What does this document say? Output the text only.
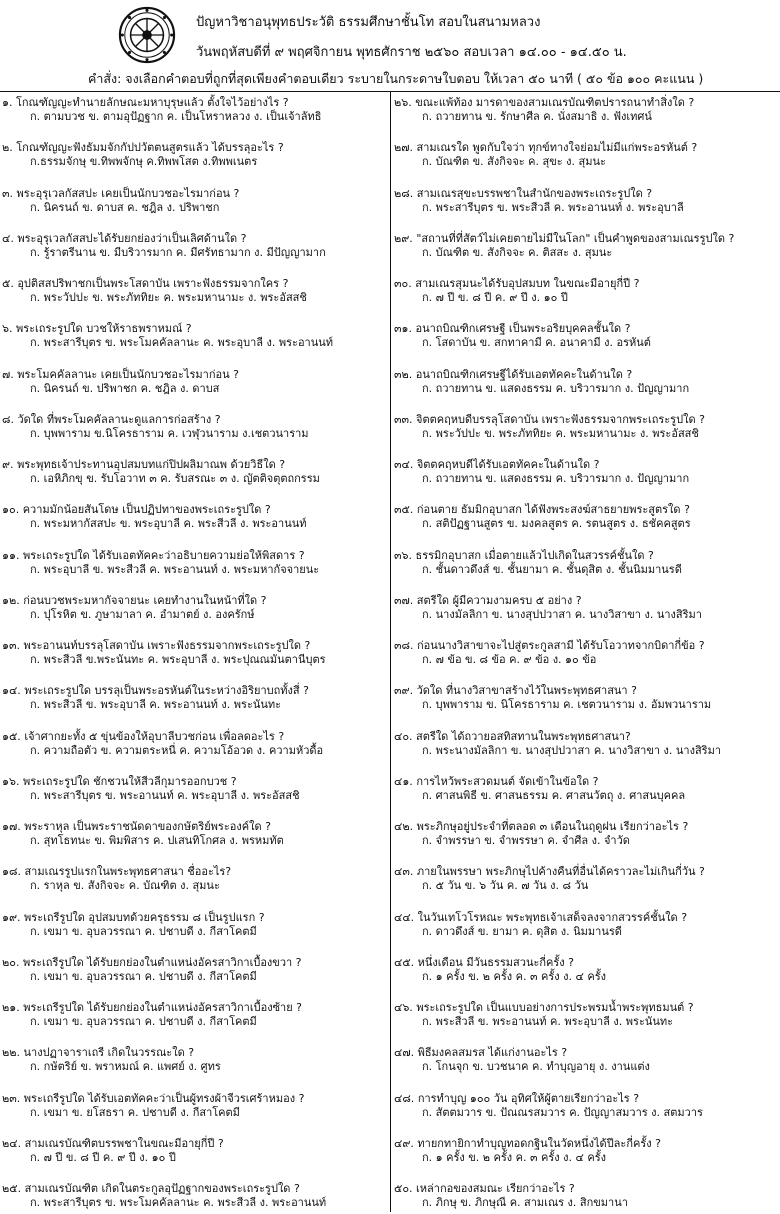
ปัญหาวิชาอนุพุทธประวัติ ธรรมศึกษาชั้นโท สอบในสนามหลวง
วันพฤหัสบดีที่ ๙ พฤศจิกายน พุทธศักราช ๒๕๖๐ สอบเวลา ๑๔.๐๐ - ๑๔.๕๐ น.
คำสั่ง: จงเลือกคำตอบที่ถูกที่สุดเพียงคำตอบเดียว ระบายในกระดาษใบตอบ ให้เวลา ๕๐ นาที ( ๕๐ ข้อ ๑๐๐ คะแนน )
๑. โกณฑัญญะทำนายลักษณะมหาบุรุษแล้ว ตั้งใจไว้อย่างไร ?
ก. ตามบวช ข. ตามอุปัฏฐาก ค. เป็นโหราหลวง ง. เป็นเจ้าลัทธิ
๒. โกณฑัญญะฟังธัมมจักกัปปวัตตนสูตรแล้ว ได้บรรลุอะไร ?
ก.ธรรมจักษุ ข.ทิพพจักษุ ค.ทิพพโสต ง.ทิพพเนตร
๓. พระอุรุเวลกัสสปะ เคยเป็นนักบวชอะไรมาก่อน ?
ก. นิครนถ์ ข. ดาบส ค. ชฎิล ง. ปริพาชก
๔. พระอุรุเวลกัสสปะได้รับยกย่องว่าเป็นเลิศด้านใด ?
ก. รู้ราตรีนาน ข. มีบริวารมาก ค. มีศรัทธามาก ง. มีปัญญามาก
๕. อุปติสสปริพาชกเป็นพระโสดาบัน เพราะฟังธรรมจากใคร ?
ก. พระวัปปะ ข. พระภัททิยะ ค. พระมหานามะ ง. พระอัสสชิ
๖. พระเถระรูปใด บวชให้ราธพราหมณ์ ?
ก. พระสารีบุตร ข. พระโมคคัลลานะ ค. พระอุบาลี ง. พระอานนท์
๗. พระโมคคัลลานะ เคยเป็นนักบวชอะไรมาก่อน ?
ก. นิครนถ์ ข. ปริพาชก ค. ชฎิล ง. ดาบส
๘. วัดใด ที่พระโมคคัลลานะดูแลการก่อสร้าง ?
ก. บุพพาราม ข.นิโครธาราม ค. เวฬุวนาราม ง.เชตวนาราม
๙. พระพุทธเจ้าประทานอุปสมบทแก่ปิปผลิมาณพ ด้วยวิธีใด ?
ก. เอหิภิกขุ ข. รับโอวาท ๓ ค. รับสรณะ ๓ ง. ญัตติจตุตถกรรม
๑๐. ความมักน้อยสันโดษ เป็นปฏิปทาของพระเถระรูปใด ?
ก. พระมหากัสสปะ ข. พระอุบาลี ค. พระสีวลี ง. พระอานนท์
๑๑. พระเถระรูปใด ได้รับเอตทัคคะว่าอธิบายความย่อให้พิสดาร ?
ก. พระอุบาลี ข. พระสีวลี ค. พระอานนท์ ง. พระมหากัจจายนะ
๑๒. ก่อนบวชพระมหากัจจายนะ เคยทำงานในหน้าที่ใด ?
ก. ปุโรหิต ข. ภูษามาลา ค. อำมาตย์ ง. องครักษ์
๑๓. พระอานนท์บรรลุโสดาบัน เพราะฟังธรรมจากพระเถระรูปใด ?
ก. พระสีวลี ข.พระนันทะ ค. พระอุบาลี ง. พระปุณณมันตานีบุตร
๑๔. พระเถระรูปใด บรรลุเป็นพระอรหันต์ในระหว่างอิริยาบถทั้งสี่ ?
ก. พระสีวลี ข. พระอุบาลี ค. พระอานนท์ ง. พระนันทะ
๑๕. เจ้าศากยะทั้ง ๕ ขุ่นข้องให้อุบาลีบวชก่อน เพื่อลดอะไร ?
ก. ความถือตัว ข. ความตระหนี่ ค. ความโอ้อวด ง. ความหัวดื้อ
๑๖. พระเถระรูปใด ชักชวนให้สีวลีกุมารออกบวช ?
ก. พระสารีบุตร ข. พระอานนท์ ค. พระอุบาลี ง. พระอัสสชิ
๑๗. พระราหุล เป็นพระราชนัดดาของกษัตริย์พระองค์ใด ?
ก. สุทโธทนะ ข. พิมพิสาร ค. ปเสนทิโกศล ง. พรหมทัต
๑๘. สามเณรรูปแรกในพระพุทธศาสนา ชื่ออะไร?
ก. ราหุล ข. สังกิจจะ ค. บัณฑิต ง. สุมนะ
๑๙. พระเถรีรูปใด อุปสมบทด้วยครุธรรม ๘ เป็นรูปแรก ?
ก. เขมา ข. อุบลวรรณา ค. ปชาบดี ง. กีสาโคตมี
๒๐. พระเถรีรูปใด ได้รับยกย่องในตำแหน่งอัครสาวิกาเบื้องขวา ?
ก. เขมา ข. อุบลวรรณา ค. ปชาบดี ง. กีสาโคตมี
๒๑. พระเถรีรูปใด ได้รับยกย่องในตำแหน่งอัครสาวิกาเบื้องซ้าย ?
ก. เขมา ข. อุบลวรรณา ค. ปชาบดี ง. กีสาโคตมี
๒๒. นางปฏาจาราเถรี เกิดในวรรณะใด ?
ก. กษัตริย์ ข. พราหมณ์ ค. แพศย์ ง. ศูทร
๒๓. พระเถรีรูปใด ได้รับเอตทัคคะว่าเป็นผู้ทรงผ้าจีวรเศร้าหมอง ?
ก. เขมา ข. ยโสธรา ค. ปชาบดี ง. กีสาโคตมี
๒๔. สามเณรบัณฑิตบรรพชาในขณะมีอายุกี่ปี ?
ก. ๗ ปี ข. ๘ ปี ค. ๙ ปี ง. ๑๐ ปี
๒๕. สามเณรบัณฑิต เกิดในตระกูลอุปัฏฐากของพระเถระรูปใด ?
ก. พระสารีบุตร ข. พระโมคคัลลานะ ค. พระสีวลี ง. พระอานนท์
๒๖. ขณะแพ้ท้อง มารดาของสามเณรบัณฑิตปรารถนาทำสิ่งใด ?
ก. ถวายทาน ข. รักษาศีล ค. นั่งสมาธิ ง. ฟังเทศน์
๒๗. สามเณรใด พูดกับใจว่า ทุกข์ทางใจย่อมไม่มีแก่พระอรหันต์ ?
ก. บัณฑิต ข. สังกิจจะ ค. สุขะ ง. สุมนะ
๒๘. สามเณรสุขะบรรพชาในสำนักของพระเถระรูปใด ?
ก. พระสารีบุตร ข. พระสีวลี ค. พระอานนท์ ง. พระอุบาลี
๒๙. "สถานที่ที่สัตว์ไม่เคยตายไม่มีในโลก" เป็นคำพูดของสามเณรรูปใด ?
ก. บัณฑิต ข. สังกิจจะ ค. ติสสะ ง. สุมนะ
๓๐. สามเณรสุมนะได้รับอุปสมบท ในขณะมีอายุกี่ปี ?
ก. ๗ ปี ข. ๘ ปี ค. ๙ ปี ง. ๑๐ ปี
๓๑. อนาถบิณฑิกเศรษฐี เป็นพระอริยบุคคลชั้นใด ?
ก. โสดาบัน ข. สกทาคามี ค. อนาคามี ง. อรหันต์
๓๒. อนาถบิณฑิกเศรษฐีได้รับเอตทัคคะในด้านใด ?
ก. ถวายทาน ข. แสดงธรรม ค. บริวารมาก ง. ปัญญามาก
๓๓. จิตตคฤหบดีบรรลุโสดาบัน เพราะฟังธรรมจากพระเถระรูปใด ?
ก. พระวัปปะ ข. พระภัททิยะ ค. พระมหานามะ ง. พระอัสสชิ
๓๔. จิตตคฤหบดีได้รับเอตทัคคะในด้านใด ?
ก. ถวายทาน ข. แสดงธรรม ค. บริวารมาก ง. ปัญญามาก
๓๕. ก่อนตาย ธัมมิกอุบาสก ได้ฟังพระสงฆ์สาธยายพระสูตรใด ?
ก. สติปัฏฐานสูตร ข. มงคลสูตร ค. รตนสูตร ง. ธชัคคสูตร
๓๖. ธรรมิกอุบาสก เมื่อตายแล้วไปเกิดในสวรรค์ชั้นใด ?
ก. ชั้นดาวดึงส์ ข. ชั้นยามา ค. ชั้นดุสิต ง. ชั้นนิมมานรดี
๓๗. สตรีใด ผู้มีความงามครบ ๕ อย่าง ?
ก. นางมัลลิกา ข. นางสุปปวาสา ค. นางวิสาขา ง. นางสิริมา
๓๘. ก่อนนางวิสาขาจะไปสู่ตระกูลสามี ได้รับโอวาทจากบิดากี่ข้อ ?
ก. ๗ ข้อ ข. ๘ ข้อ ค. ๙ ข้อ ง. ๑๐ ข้อ
๓๙. วัดใด ที่นางวิสาขาสร้างไว้ในพระพุทธศาสนา ?
ก. บุพพาราม ข. นิโครธาราม ค. เชตวนาราม ง. อัมพวนาราม
๔๐. สตรีใด ได้ถวายอสทิสทานในพระพุทธศาสนา?
ก. พระนางมัลลิกา ข. นางสุปปวาสา ค. นางวิสาขา ง. นางสิริมา
๔๑. การไหว้พระสวดมนต์ จัดเข้าในข้อใด ?
ก. ศาสนพิธี ข. ศาสนธรรม ค. ศาสนวัตถุ ง. ศาสนบุคคล
๔๒. พระภิกษุอยู่ประจำที่ตลอด ๓ เดือนในฤดูฝน เรียกว่าอะไร ?
ก. จำพรรษา ข. จำพรรษา ค. จำศีล ง. จำวัด
๔๓. ภายในพรรษา พระภิกษุไปค้างคืนที่อื่นได้คราวละไม่เกินกี่วัน ?
ก. ๕ วัน ข. ๖ วัน ค. ๗ วัน ง. ๘ วัน
๔๔. ในวันเทโวโรหณะ พระพุทธเจ้าเสด็จลงจากสวรรค์ชั้นใด ?
ก. ดาวดึงส์ ข. ยามา ค. ดุสิต ง. นิมมานรดี
๔๕. หนึ่งเดือน มีวันธรรมสวนะกี่ครั้ง ?
ก. ๑ ครั้ง ข. ๒ ครั้ง ค. ๓ ครั้ง ง. ๔ ครั้ง
๔๖. พระเถระรูปใด เป็นแบบอย่างการประพรมน้ำพระพุทธมนต์ ?
ก. พระสีวลี ข. พระอานนท์ ค. พระอุบาลี ง. พระนันทะ
๔๗. พิธีมงคลสมรส ได้แก่งานอะไร ?
ก. โกนจุก ข. บวชนาค ค. ทำบุญอายุ ง. งานแต่ง
๔๘. การทำบุญ ๑๐๐ วัน อุทิศให้ผู้ตายเรียกว่าอะไร ?
ก. สัตตมวาร ข. ปัณณรสมวาร ค. ปัญญาสมวาร ง. สตมวาร
๔๙. ทายกทายิกาทำบุญทอดกฐินในวัดหนึ่งได้ปีละกี่ครั้ง ?
ก. ๑ ครั้ง ข. ๒ ครั้ง ค. ๓ ครั้ง ง. ๔ ครั้ง
๕๐. เหล่ากอของสมณะ เรียกว่าอะไร ?
ก. ภิกษุ ข. ภิกษุณี ค. สามเณร ง. สิกขมานา
